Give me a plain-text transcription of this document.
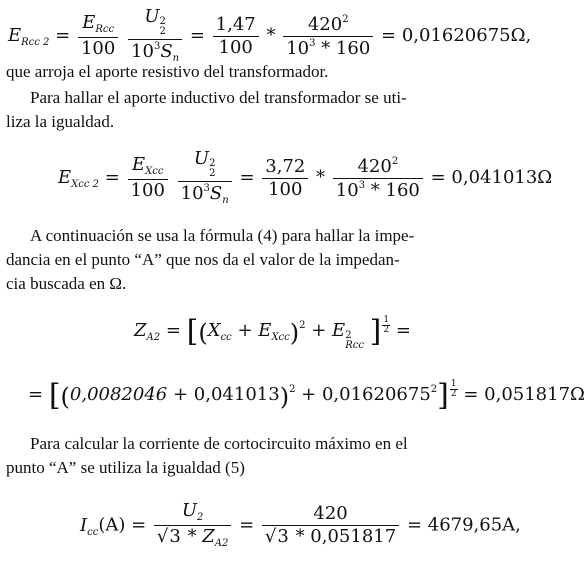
$E_{Rcc 2} = \frac{E_{Rcc}}{100}$
U 2
2
$10^3S_n = \frac{1,47}{100} * \frac{420^2}{10^3 * 160} = 0,01620675\Omega$,
que arroja el aporte resistivo del transformador.
Para hallar el aporte inductivo del transformador se uti-
liza la igualdad.
$E_{Xcc 2} = \frac{E_{Xcc}}{100}$
U 2
2
$10^3S_n = \frac{3,72}{100} * \frac{420^2}{10^3 * 160} = 0,041013\Omega$
A continuación se usa la fórmula (4) para hallar la impe-
dancia en el punto “A” que nos da el valor de la impedan-
cia buscada en Ω.
$Z_{A2} = [(X_{cc} + E_{Xcc})^2 + E$ 2
Rcc ] $\frac{1}{2}$ =
= $[(0,0082046 + 0,041013)^2 + 0,01620675^2] \frac{1}{2} = 0,051817\Omega$
Para calcular la corriente de cortocircuito máximo en el
punto “A” se utiliza la igualdad (5)
$I_{cc}(A) = \frac{U_2}{√3 * Z_{A2}} = \frac{420}{√3 * 0,051817} = 4679,65A$,
